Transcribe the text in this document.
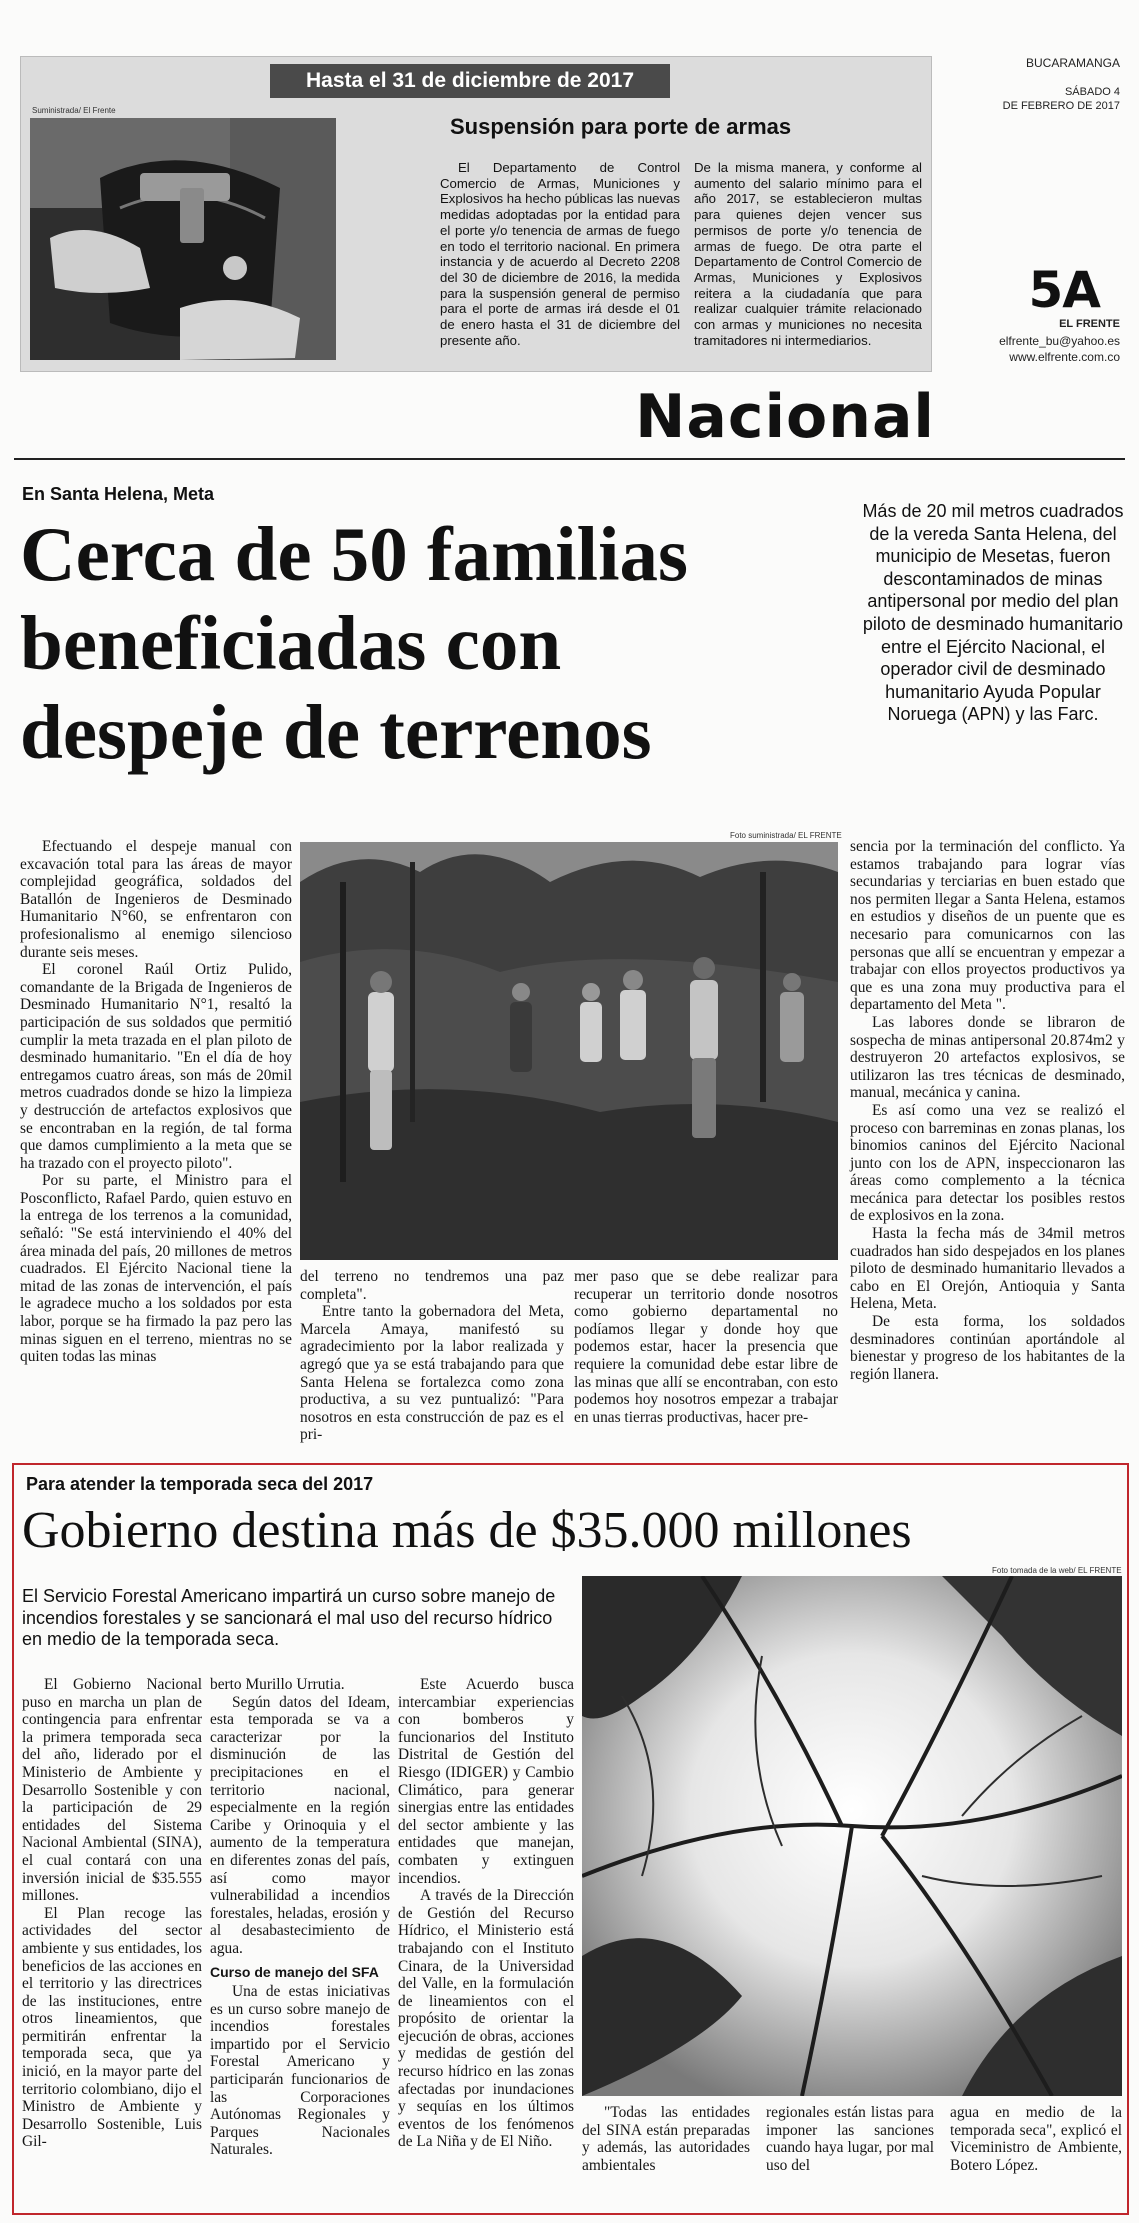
Hasta el 31 de diciembre de 2017
Suministrada/ El Frente
Suspensión para porte de armas
El Departamento de Control Comercio de Armas, Municiones y Explosivos ha hecho públicas las nuevas medidas adoptadas por la entidad para el porte y/o tenencia de armas de fuego en todo el territorio nacional. En primera instancia y de acuerdo al Decreto 2208 del 30 de diciembre de 2016, la medida para la suspensión general de permiso para el porte de armas irá desde el 01 de enero hasta el 31 de diciembre del presente año.
De la misma manera, y conforme al aumento del salario mínimo para el año 2017, se establecieron multas para quienes dejen vencer sus permisos de porte y/o tenencia de armas de fuego. De otra parte el Departamento de Control Comercio de Armas, Municiones y Explosivos reitera a la ciudadanía que para realizar cualquier trámite relacionado con armas y municiones no necesita tramitadores ni intermediarios.
BUCARAMANGA
SÁBADO 4
DE FEBRERO DE 2017
5A
EL FRENTE
elfrente_bu@yahoo.es
www.elfrente.com.co
Nacional
En Santa Helena, Meta
Cerca de 50 familias
beneficiadas con
despeje de terrenos
Más de 20 mil metros cuadrados de la vereda Santa Helena, del municipio de Mesetas, fueron descontaminados de minas antipersonal por medio del plan piloto de desminado humanitario entre el Ejército Nacional, el operador civil de desminado humanitario Ayuda Popular Noruega (APN) y las Farc.
Foto suministrada/ EL FRENTE

Efectuando el despeje manual con excavación total para las áreas de mayor complejidad geográfica, soldados del Batallón de Ingenieros de Desminado Humanitario N°60, se enfrentaron con profesionalismo al enemigo silencioso durante seis meses.

El coronel Raúl Ortiz Pulido, comandante de la Brigada de Ingenieros de Desminado Humanitario N°1, resaltó la participación de sus soldados que permitió cumplir la meta trazada en el plan piloto de desminado humanitario. "En el día de hoy entregamos cuatro áreas, son más de 20mil metros cuadrados donde se hizo la limpieza y destrucción de artefactos explosivos que se encontraban en la región, de tal forma que damos cumplimiento a la meta que se ha trazado con el proyecto piloto".

Por su parte, el Ministro para el Posconflicto, Rafael Pardo, quien estuvo en la entrega de los terrenos a la comunidad, señaló: "Se está interviniendo el 40% del área minada del país, 20 millones de metros cuadrados. El Ejército Nacional tiene la mitad de las zonas de intervención, el país le agradece mucho a los soldados por esta labor, porque se ha firmado la paz pero las minas siguen en el terreno, mientras no se quiten todas las minas

del terreno no tendremos una paz completa".

Entre tanto la gobernadora del Meta, Marcela Amaya, manifestó su agradecimiento por la labor realizada y agregó que ya se está trabajando para que Santa Helena se fortalezca como zona productiva, a su vez puntualizó: "Para nosotros en esta construcción de paz es el pri-

mer paso que se debe realizar para recuperar un territorio donde nosotros como gobierno departamental no podíamos llegar y donde hoy que podemos estar, hacer la presencia que requiere la comunidad debe estar libre de las minas que allí se encontraban, con esto podemos hoy nosotros empezar a trabajar en unas tierras productivas, hacer pre-

sencia por la terminación del conflicto. Ya estamos trabajando para lograr vías secundarias y terciarias en buen estado que nos permiten llegar a Santa Helena, estamos en estudios y diseños de un puente que es necesario para comunicarnos con las personas que allí se encuentran y empezar a trabajar con ellos proyectos productivos ya que es una zona muy productiva para el departamento del Meta ".

Las labores donde se libraron de sospecha de minas antipersonal 20.874m2 y destruyeron 20 artefactos explosivos, se utilizaron las tres técnicas de desminado, manual, mecánica y canina.

Es así como una vez se realizó el proceso con barreminas en zonas planas, los binomios caninos del Ejército Nacional junto con los de APN, inspeccionaron las áreas como complemento a la técnica mecánica para detectar los posibles restos de explosivos en la zona.

Hasta la fecha más de 34mil metros cuadrados han sido despejados en los planes piloto de desminado humanitario llevados a cabo en El Orejón, Antioquia y Santa Helena, Meta.

De esta forma, los soldados desminadores continúan aportándole al bienestar y progreso de los habitantes de la región llanera.

Para atender la temporada seca del 2017
Gobierno destina más de $35.000 millones
El Servicio Forestal Americano impartirá un curso sobre manejo de incendios forestales y se sancionará el mal uso del recurso hídrico en medio de la temporada seca.
Foto tomada de la web/ EL FRENTE

El Gobierno Nacional puso en marcha un plan de contingencia para enfrentar la primera temporada seca del año, liderado por el Ministerio de Ambiente y Desarrollo Sostenible y con la participación de 29 entidades del Sistema Nacional Ambiental (SINA), el cual contará con una inversión inicial de $35.555 millones.

El Plan recoge las actividades del sector ambiente y sus entidades, los beneficios de las acciones en el territorio y las directrices de las instituciones, entre otros lineamientos, que permitirán enfrentar la temporada seca, que ya inició, en la mayor parte del territorio colombiano, dijo el Ministro de Ambiente y Desarrollo Sostenible, Luis Gil-

berto Murillo Urrutia.

Según datos del Ideam, esta temporada se va a caracterizar por la disminución de las precipitaciones en el territorio nacional, especialmente en la región Caribe y Orinoquia y el aumento de la temperatura en diferentes zonas del país, así como mayor vulnerabilidad a incendios forestales, heladas, erosión y al desabastecimiento de agua.

Curso de manejo del SFA

Una de estas iniciativas es un curso sobre manejo de incendios forestales impartido por el Servicio Forestal Americano y participarán funcionarios de las Corporaciones Autónomas Regionales y Parques Nacionales Naturales.

Este Acuerdo busca intercambiar experiencias con bomberos y funcionarios del Instituto Distrital de Gestión del Riesgo (IDIGER) y Cambio Climático, para generar sinergias entre las entidades del sector ambiente y las entidades que manejan, combaten y extinguen incendios.

A través de la Dirección de Gestión del Recurso Hídrico, el Ministerio está trabajando con el Instituto Cinara, de la Universidad del Valle, en la formulación de lineamientos con el propósito de orientar la ejecución de obras, acciones y medidas de gestión del recurso hídrico en las zonas afectadas por inundaciones y sequías en los últimos eventos de los fenómenos de La Niña y de El Niño.

"Todas las entidades del SINA están preparadas y además, las autoridades ambientales

regionales están listas para imponer las sanciones cuando haya lugar, por mal uso del

agua en medio de la temporada seca", explicó el Viceministro de Ambiente, Botero López.
